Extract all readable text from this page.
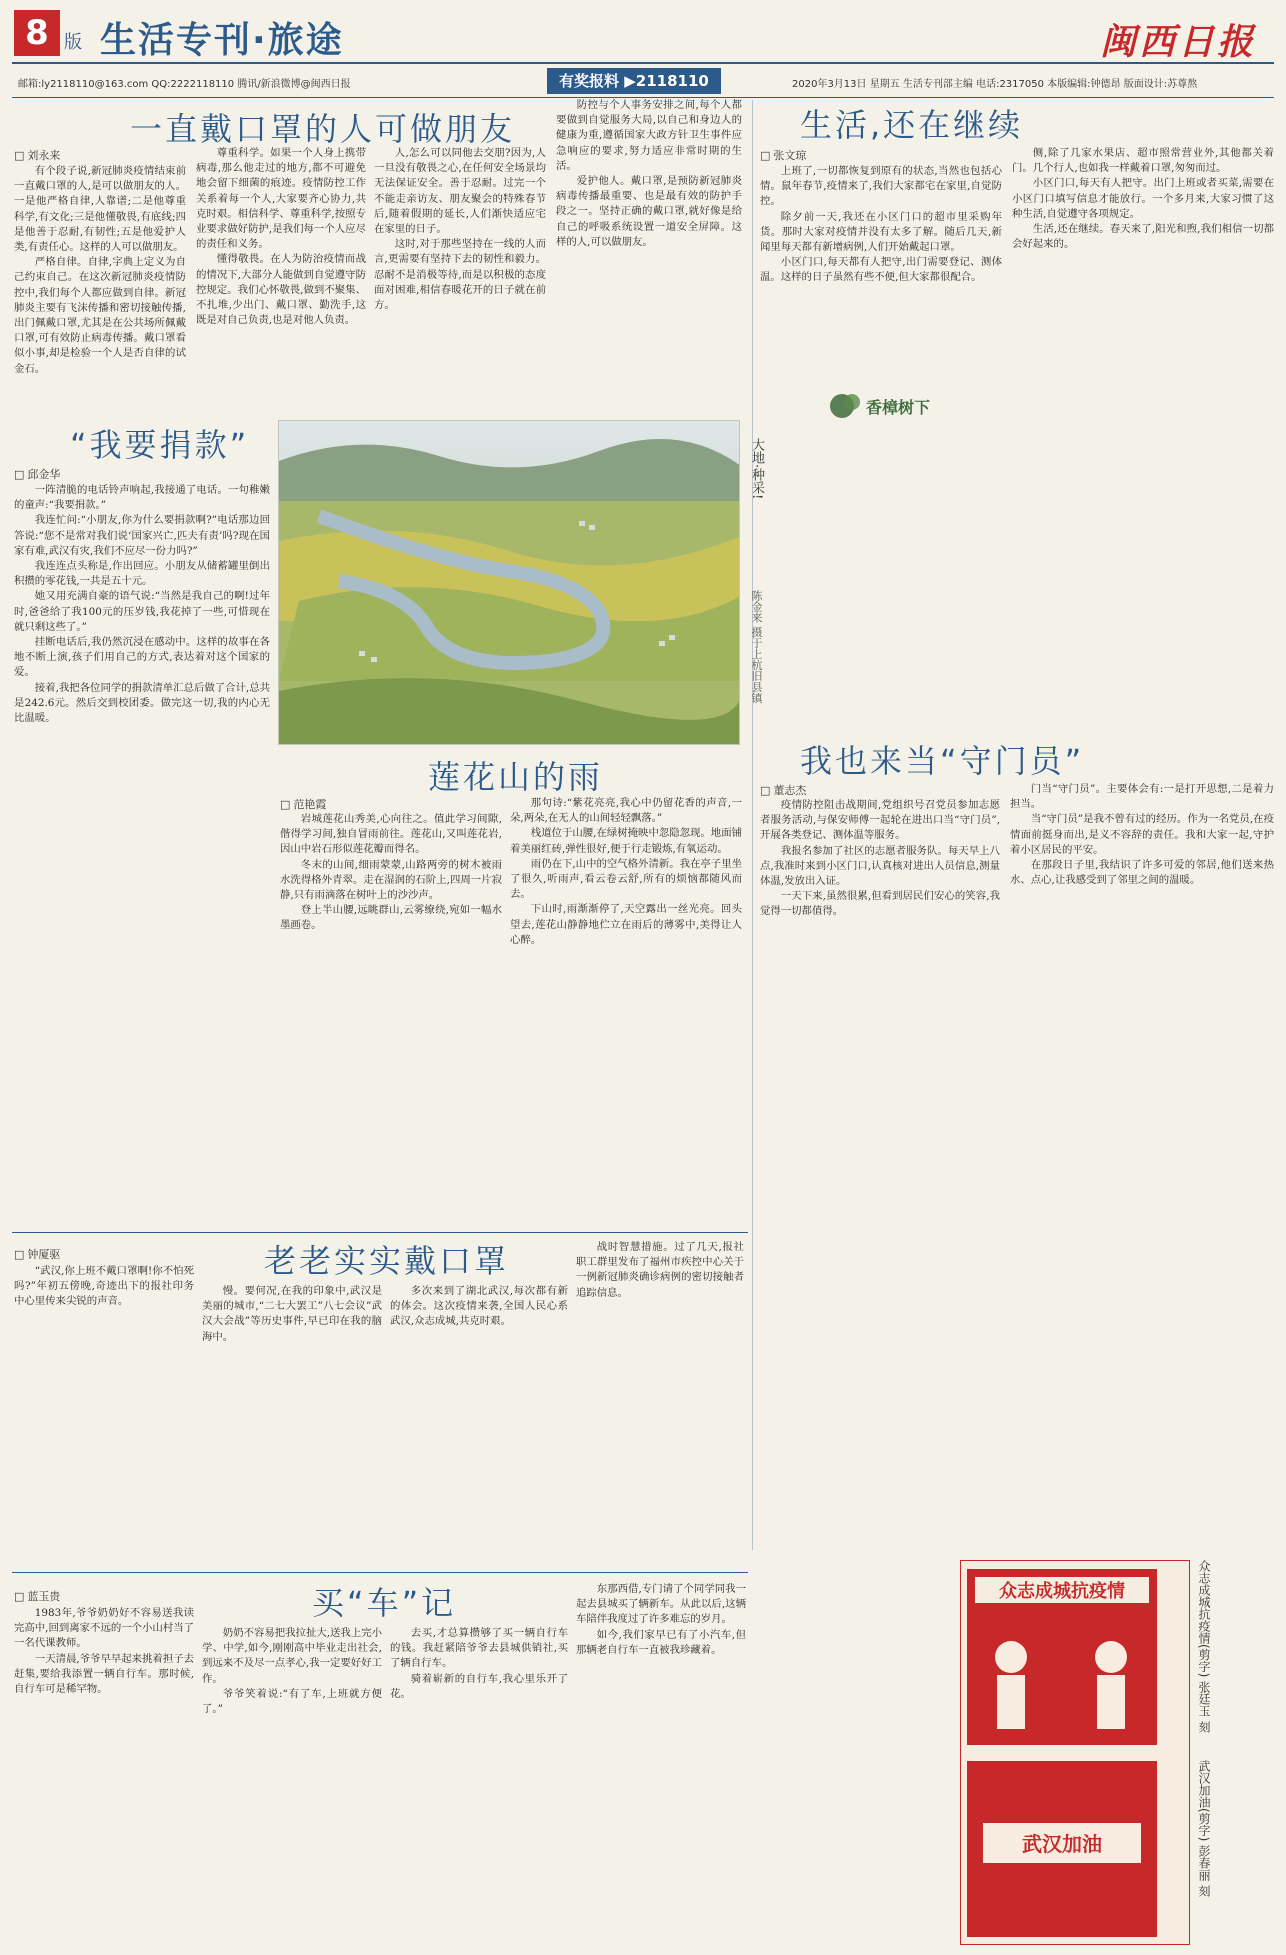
8 版 生活专刊·旅途	闽西日报
邮箱:ly2118110@163.com QQ:2222118110 腾讯/新浪微博@闽西日报	有奖报料 ▶2118110	2020年3月13日 星期五 生活专刊部主编 电话:2317050 本版编辑:钟德昂 版面设计:苏尊熬
一直戴口罩的人可做朋友
□ 刘永来

有个段子说,新冠肺炎疫情结束前一直戴口罩的人,是可以做朋友的人。一是他严格自律,人靠谱;二是他尊重科学,有文化;三是他懂敬畏,有底线;四是他善于忍耐,有韧性;五是他爱护人类,有责任心。这样的人可以做朋友。

严格自律。自律,字典上定义为自己约束自己。在这次新冠肺炎疫情防控中,我们每个人都应做到自律。新冠肺炎主要有飞沫传播和密切接触传播,出门佩戴口罩,尤其是在公共场所佩戴口罩,可有效防止病毒传播。戴口罩看似小事,却是检验一个人是否自律的试金石。

尊重科学。如果一个人身上携带病毒,那么他走过的地方,都不可避免地会留下细菌的痕迹。疫情防控工作关系着每一个人,大家要齐心协力,共克时艰。相信科学、尊重科学,按照专业要求做好防护,是我们每一个人应尽的责任和义务。

懂得敬畏。在人为防治疫情而战的情况下,大部分人能做到自觉遵守防控规定。我们心怀敬畏,做到不聚集、不扎堆,少出门、戴口罩、勤洗手,这既是对自己负责,也是对他人负责。

人,怎么可以同他去交朋?因为,人一旦没有敬畏之心,在任何安全场景均无法保证安全。善于忍耐。过完一个不能走亲访友、朋友聚会的特殊春节后,随着假期的延长,人们渐快适应宅在家里的日子。

这时,对于那些坚持在一线的人而言,更需要有坚持下去的韧性和毅力。忍耐不是消极等待,而是以积极的态度面对困难,相信春暖花开的日子就在前方。

防控与个人事务安排之间,每个人都要做到自觉服务大局,以自己和身边人的健康为重,遵循国家大政方针卫生事件应急响应的要求,努力适应非常时期的生活。

爱护他人。戴口罩,是预防新冠肺炎病毒传播最重要、也是最有效的防护手段之一。坚持正确的戴口罩,就好像是给自己的呼吸系统设置一道安全屏障。这样的人,可以做朋友。

香樟树下
生活,还在继续
□ 张文琼

上班了,一切都恢复到原有的状态,当然也包括心情。鼠年春节,疫情来了,我们大家都宅在家里,自觉防控。

除夕前一天,我还在小区门口的超市里采购年货。那时大家对疫情并没有太多了解。随后几天,新闻里每天都有新增病例,人们开始戴起口罩。

小区门口,每天都有人把守,出门需要登记、测体温。这样的日子虽然有些不便,但大家都很配合。

侧,除了几家水果店、超市照常营业外,其他都关着门。几个行人,也如我一样戴着口罩,匆匆而过。

小区门口,每天有人把守。出门上班或者买菜,需要在小区门口填写信息才能放行。一个多月来,大家习惯了这种生活,自觉遵守各项规定。

生活,还在继续。春天来了,阳光和煦,我们相信一切都会好起来的。

“我要捐款”
□ 邱金华

一阵清脆的电话铃声响起,我接通了电话。一句稚嫩的童声:“我要捐款。”

我连忙问:“小朋友,你为什么要捐款啊?”电话那边回答说:“您不是常对我们说‘国家兴亡,匹夫有责’吗?现在国家有难,武汉有灾,我们不应尽一份力吗?”

我连连点头称是,作出回应。小朋友从储蓄罐里倒出积攒的零花钱,一共是五十元。

她又用充满自豪的语气说:“当然是我自己的啊!过年时,爸爸给了我100元的压岁钱,我花掉了一些,可惜现在就只剩这些了。”

挂断电话后,我仍然沉浸在感动中。这样的故事在各地不断上演,孩子们用自己的方式,表达着对这个国家的爱。

接着,我把各位同学的捐款清单汇总后做了合计,总共是242.6元。然后交到校团委。做完这一切,我的内心无比温暖。

大地·种采!
陈金来 摄于上杭旧县镇
莲花山的雨
□ 范艳霞

岩城莲花山秀美,心向往之。值此学习间隙,偕得学习间,独自冒雨前往。莲花山,又叫莲花岩,因山中岩石形似莲花瓣而得名。

冬末的山间,细雨蒙蒙,山路两旁的树木被雨水洗得格外青翠。走在湿润的石阶上,四周一片寂静,只有雨滴落在树叶上的沙沙声。

登上半山腰,远眺群山,云雾缭绕,宛如一幅水墨画卷。

那句诗:“紫花亮亮,我心中仍留花香的声音,一朵,两朵,在无人的山间轻轻飘落。”

栈道位于山腰,在绿树掩映中忽隐忽现。地面铺着美丽红砖,弹性很好,便于行走锻炼,有氧运动。

雨仍在下,山中的空气格外清新。我在亭子里坐了很久,听雨声,看云卷云舒,所有的烦恼都随风而去。

下山时,雨渐渐停了,天空露出一丝光亮。回头望去,莲花山静静地伫立在雨后的薄雾中,美得让人心醉。

我也来当“守门员”
□ 董志杰

疫情防控阻击战期间,党组织号召党员参加志愿者服务活动,与保安师傅一起轮在进出口当“守门员”,开展各类登记、测体温等服务。

我报名参加了社区的志愿者服务队。每天早上八点,我准时来到小区门口,认真核对进出人员信息,测量体温,发放出入证。

一天下来,虽然很累,但看到居民们安心的笑容,我觉得一切都值得。

门当“守门员”。主要体会有:一是打开思想,二是着力担当。

当“守门员”是我不曾有过的经历。作为一名党员,在疫情面前挺身而出,是义不容辞的责任。我和大家一起,守护着小区居民的平安。

在那段日子里,我结识了许多可爱的邻居,他们送来热水、点心,让我感受到了邻里之间的温暖。

老老实实戴口罩
□ 钟厦驱

“武汉,你上班不戴口罩啊!你不怕死吗?”年初五傍晚,奇迹出下的报社印务中心里传来尖锐的声音。

慢。要何况,在我的印象中,武汉是美丽的城市,“二七大罢工”八七会议”武汉大会战”等历史事件,早已印在我的脑海中。

多次来到了湖北武汉,每次都有新的体会。这次疫情来袭,全国人民心系武汉,众志成城,共克时艰。

战时智慧措施。过了几天,报社职工群里发布了福州市疾控中心关于一例新冠肺炎确诊病例的密切接触者追踪信息。

买“车”记
□ 蓝玉贵

1983年,爷爷奶奶好不容易送我读完高中,回到离家不远的一个小山村当了一名代课教师。

一天清晨,爷爷早早起来挑着担子去赶集,要给我添置一辆自行车。那时候,自行车可是稀罕物。

奶奶不容易把我拉扯大,送我上完小学、中学,如今,刚刚高中毕业走出社会,到远来不及尽一点孝心,我一定要好好工作。

爷爷笑着说:“有了车,上班就方便了。”

去买,才总算攒够了买一辆自行车的钱。我赶紧陪爷爷去县城供销社,买了辆自行车。

骑着崭新的自行车,我心里乐开了花。

东那西借,专门请了个同学同我一起去县城买了辆新车。从此以后,这辆车陪伴我度过了许多难忘的岁月。

如今,我们家早已有了小汽车,但那辆老自行车一直被我珍藏着。

众志成城抗疫情
武汉加油
众志成城抗疫情(剪字) 张廷玉 刻
武汉加油(剪字) 彭春丽 刻
